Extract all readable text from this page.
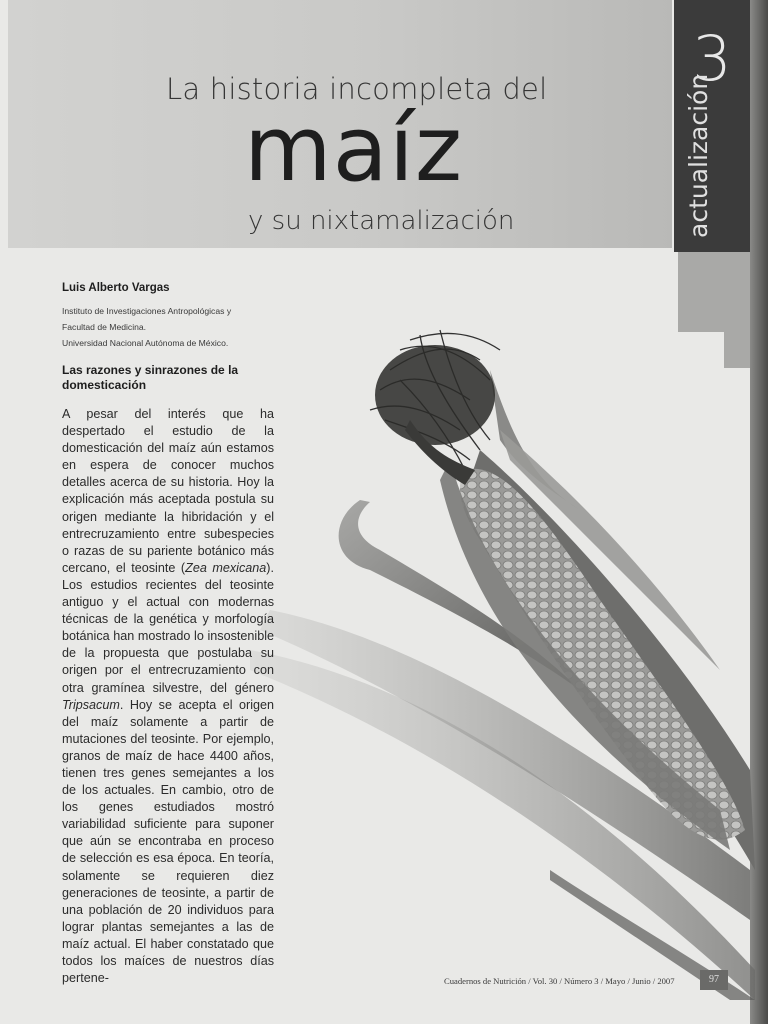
La historia incompleta del
maíz
y su nixtamalización
3
actualización
Luis Alberto Vargas
Instituto de Investigaciones Antropológicas y
Facultad de Medicina.
Universidad Nacional Autónoma de México.
Las razones y sinrazones de la domesticación
A pesar del interés que ha despertado el estudio de la domesticación del maíz aún estamos en espera de conocer muchos detalles acerca de su historia. Hoy la explicación más aceptada postula su origen mediante la hibridación y el entrecruzamiento entre subespecies o razas de su pariente botánico más cercano, el teosinte (Zea mexicana). Los estudios recientes del teosinte antiguo y el actual con modernas técnicas de la genética y morfología botánica han mostrado lo insostenible de la propuesta que postulaba su origen por el entrecruzamiento con otra gramínea silvestre, del género Tripsacum. Hoy se acepta el origen del maíz solamente a partir de mutaciones del teosinte. Por ejemplo, granos de maíz de hace 4400 años, tienen tres genes semejantes a los de los actuales. En cambio, otro de los genes estudiados mostró variabilidad suficiente para suponer que aún se encontraba en proceso de selección es esa época. En teoría, solamente se requieren diez generaciones de teosinte, a partir de una población de 20 individuos para lograr plantas semejantes a las de maíz actual. El haber constatado que todos los maíces de nuestros días pertene-	Cuadernos de Nutrición / Vol. 30 / Número 3 / Mayo / Junio / 2007	97
